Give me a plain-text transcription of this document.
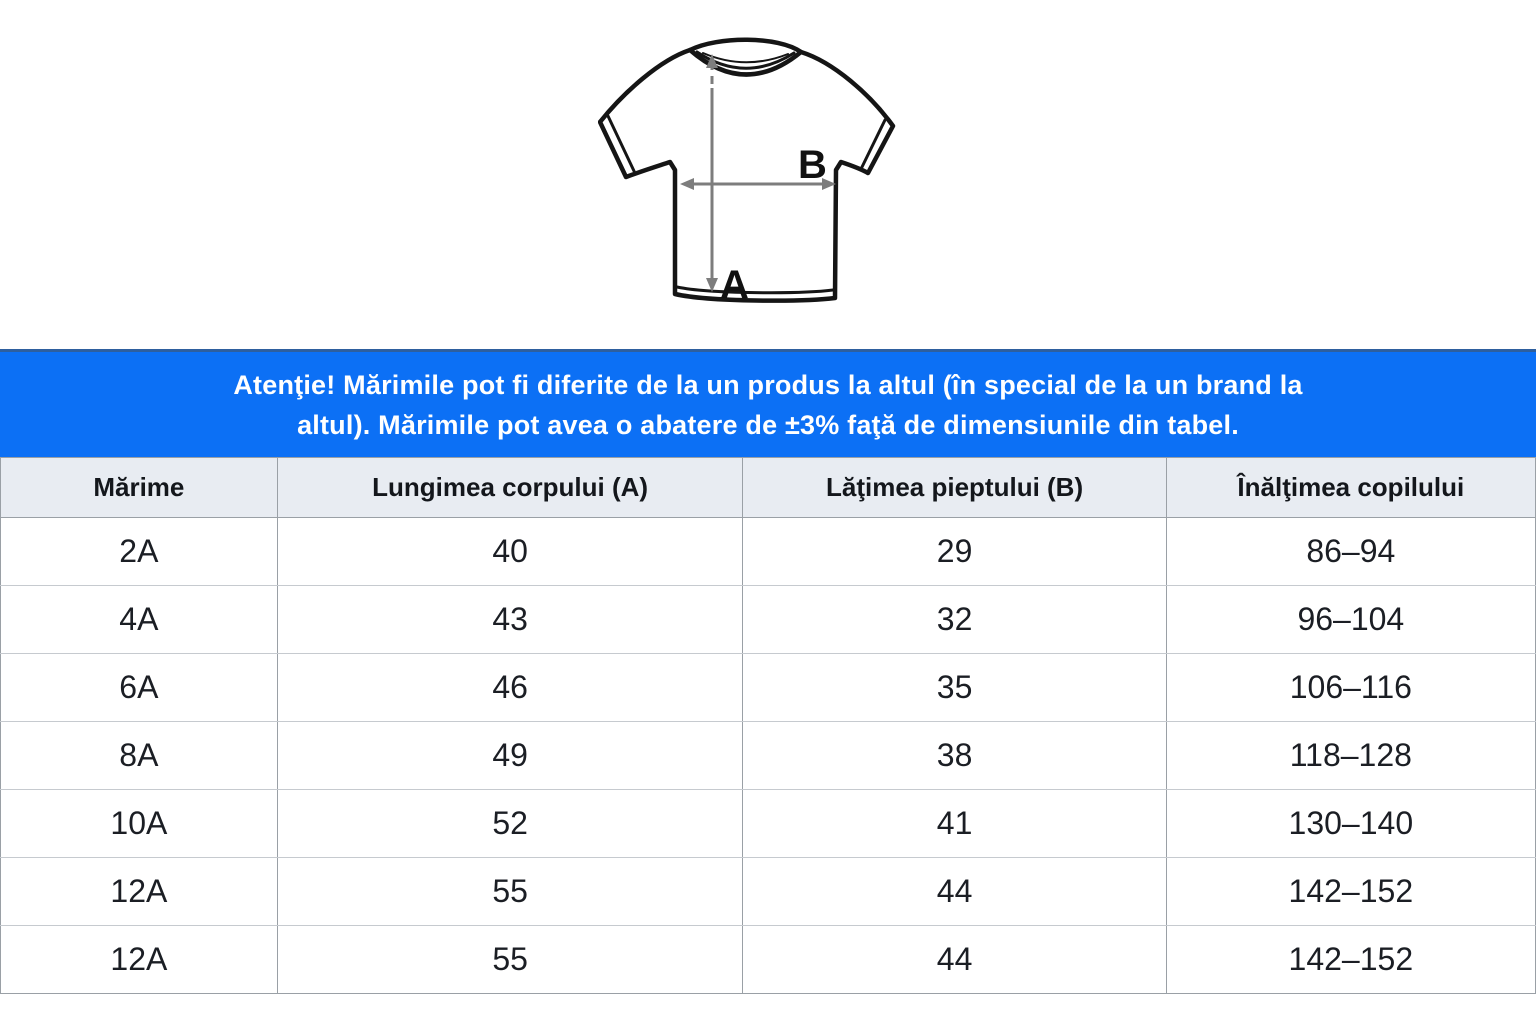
A
B
Atenţie! Mărimile pot fi diferite de la un produs la altul (în special de la un brand la
altul). Mărimile pot avea o abatere de ±3% faţă de dimensiunile din tabel.
Mărime	Lungimea corpului (A)	Lăţimea pieptului (B)	Înălţimea copilului
2A	40	29	86–94
4A	43	32	96–104
6A	46	35	106–116
8A	49	38	118–128
10A	52	41	130–140
12A	55	44	142–152
12A	55	44	142–152
